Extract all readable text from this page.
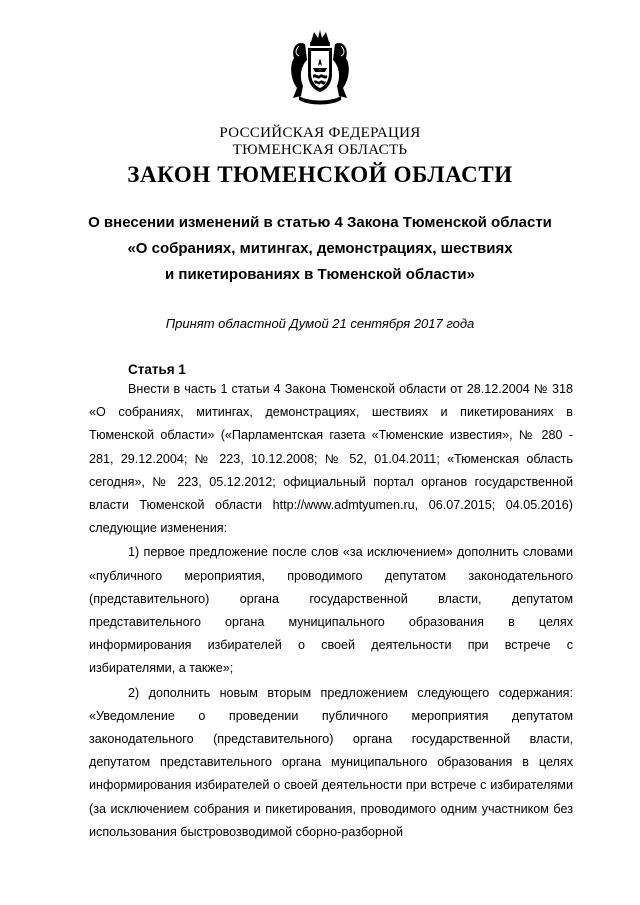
РОССИЙСКАЯ ФЕДЕРАЦИЯ

ТЮМЕНСКАЯ ОБЛАСТЬ

ЗАКОН ТЮМЕНСКОЙ ОБЛАСТИ
О внесении изменений в статью 4 Закона Тюменской области
«О собраниях, митингах, демонстрациях, шествиях
и пикетированиях в Тюменской области»

Принят областной Думой 21 сентября 2017 года

Статья 1

Внести в часть 1 статьи 4 Закона Тюменской области от 28.12.2004 № 318 «О собраниях, митингах, демонстрациях, шествиях и пикетированиях в Тюменской области» («Парламентская газета «Тюменские известия», № 280 - 281, 29.12.2004; № 223, 10.12.2008; № 52, 01.04.2011; «Тюменская область сегодня», № 223, 05.12.2012; официальный портал органов государственной власти Тюменской области http://www.admtyumen.ru, 06.07.2015; 04.05.2016) следующие изменения:

1) первое предложение после слов «за исключением» дополнить словами «публичного мероприятия, проводимого депутатом законодательного (представительного) органа государственной власти, депутатом представительного органа муниципального образования в целях информирования избирателей о своей деятельности при встрече с избирателями, а также»;

2) дополнить новым вторым предложением следующего содержания: «Уведомление о проведении публичного мероприятия депутатом законодательного (представительного) органа государственной власти, депутатом представительного органа муниципального образования в целях информирования избирателей о своей деятельности при встрече с избирателями (за исключением собрания и пикетирования, проводимого одним участником без использования быстровозводимой сборно-разборной
